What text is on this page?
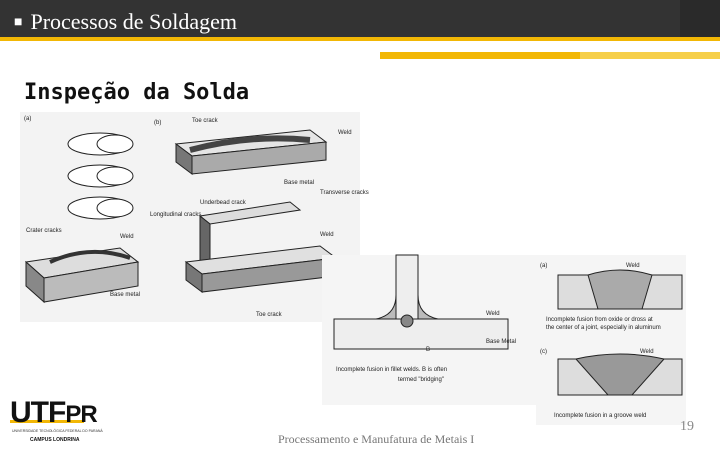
■ Processos de Soldagem
Inspeção da Solda
(a)
(b)	Toe crack
Weld
Base metal
Transverse cracks
Underbead crack
Longitudinal cracks
Crater cracks
Weld	Weld
Base metal
Toe crack	Weld
Base Metal
B
Incomplete fusion in fillet welds. B is often
termed "bridging"
(a)	Weld
Incomplete fusion from oxide or dross at
the center of a joint, especially in aluminum
(c)	Weld
Incomplete fusion in a groove weld
UTFPR
UNIVERSIDADE TECNOLÓGICA FEDERAL DO PARANÁ
CAMPUS LONDRINA	Processamento e Manufatura de Metais I
19
